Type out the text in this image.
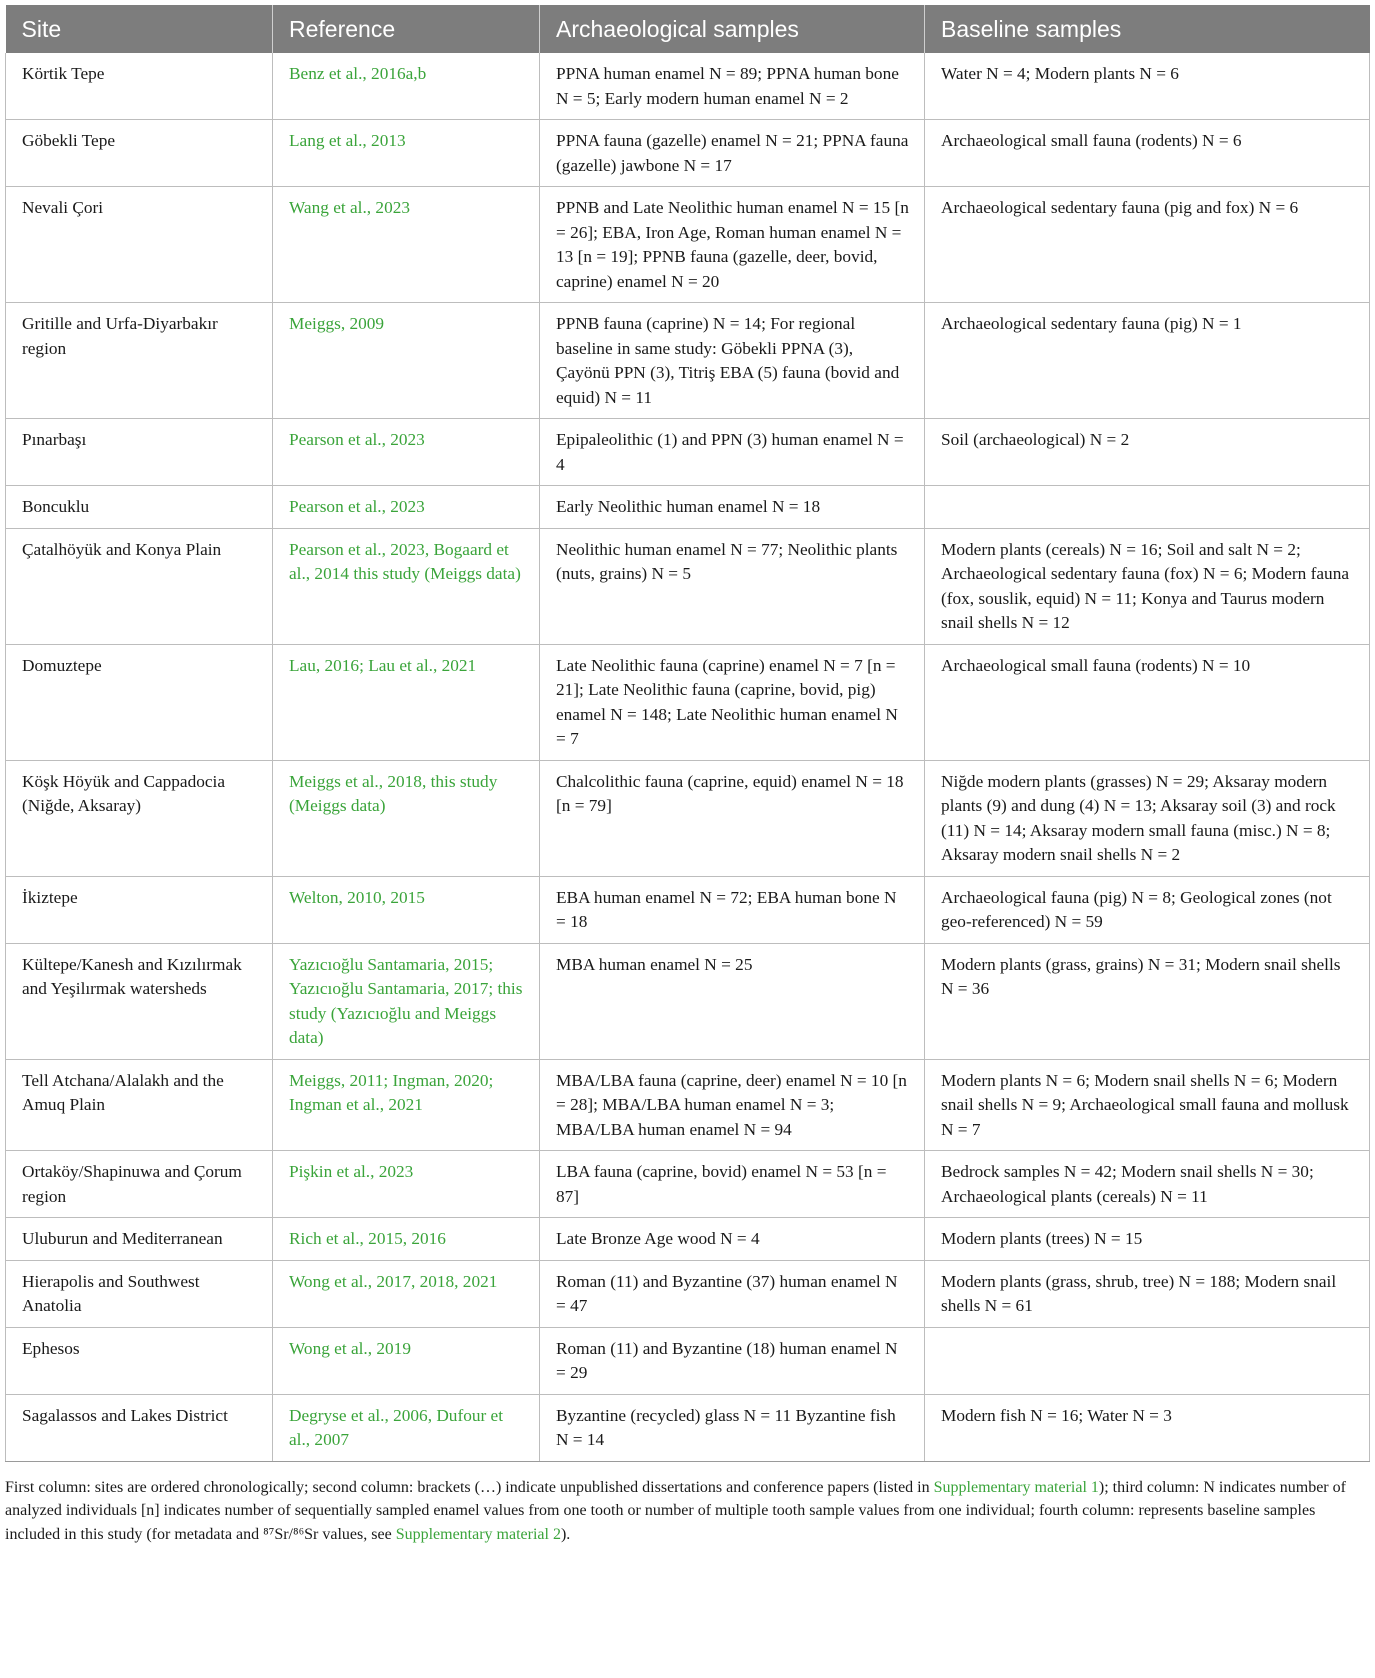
Site	Reference	Archaeological samples	Baseline samples
Körtik Tepe	Benz et al., 2016a,b	PPNA human enamel N = 89; PPNA human bone N = 5; Early modern human enamel N = 2	Water N = 4; Modern plants N = 6
Göbekli Tepe	Lang et al., 2013	PPNA fauna (gazelle) enamel N = 21; PPNA fauna (gazelle) jawbone N = 17	Archaeological small fauna (rodents) N = 6
Nevali Çori	Wang et al., 2023	PPNB and Late Neolithic human enamel N = 15 [n = 26]; EBA, Iron Age, Roman human enamel N = 13 [n = 19]; PPNB fauna (gazelle, deer, bovid, caprine) enamel N = 20	Archaeological sedentary fauna (pig and fox) N = 6
Gritille and Urfa-Diyarbakır region	Meiggs, 2009	PPNB fauna (caprine) N = 14; For regional baseline in same study: Göbekli PPNA (3), Çayönü PPN (3), Titriş EBA (5) fauna (bovid and equid) N = 11	Archaeological sedentary fauna (pig) N = 1
Pınarbaşı	Pearson et al., 2023	Epipaleolithic (1) and PPN (3) human enamel N = 4	Soil (archaeological) N = 2
Boncuklu	Pearson et al., 2023	Early Neolithic human enamel N = 18	
Çatalhöyük and Konya Plain	Pearson et al., 2023, Bogaard et al., 2014 this study (Meiggs data)	Neolithic human enamel N = 77; Neolithic plants (nuts, grains) N = 5	Modern plants (cereals) N = 16; Soil and salt N = 2; Archaeological sedentary fauna (fox) N = 6; Modern fauna (fox, souslik, equid) N = 11; Konya and Taurus modern snail shells N = 12
Domuztepe	Lau, 2016; Lau et al., 2021	Late Neolithic fauna (caprine) enamel N = 7 [n = 21]; Late Neolithic fauna (caprine, bovid, pig) enamel N = 148; Late Neolithic human enamel N = 7	Archaeological small fauna (rodents) N = 10
Köşk Höyük and Cappadocia (Niğde, Aksaray)	Meiggs et al., 2018, this study (Meiggs data)	Chalcolithic fauna (caprine, equid) enamel N = 18 [n = 79]	Niğde modern plants (grasses) N = 29; Aksaray modern plants (9) and dung (4) N = 13; Aksaray soil (3) and rock (11) N = 14; Aksaray modern small fauna (misc.) N = 8; Aksaray modern snail shells N = 2
İkiztepe	Welton, 2010, 2015	EBA human enamel N = 72; EBA human bone N = 18	Archaeological fauna (pig) N = 8; Geological zones (not geo-referenced) N = 59
Kültepe/Kanesh and Kızılırmak and Yeşilırmak watersheds	Yazıcıoğlu Santamaria, 2015; Yazıcıoğlu Santamaria, 2017; this study (Yazıcıoğlu and Meiggs data)	MBA human enamel N = 25	Modern plants (grass, grains) N = 31; Modern snail shells N = 36
Tell Atchana/Alalakh and the Amuq Plain	Meiggs, 2011; Ingman, 2020; Ingman et al., 2021	MBA/LBA fauna (caprine, deer) enamel N = 10 [n = 28]; MBA/LBA human enamel N = 3; MBA/LBA human enamel N = 94	Modern plants N = 6; Modern snail shells N = 6; Modern snail shells N = 9; Archaeological small fauna and mollusk N = 7
Ortaköy/Shapinuwa and Çorum region	Pişkin et al., 2023	LBA fauna (caprine, bovid) enamel N = 53 [n = 87]	Bedrock samples N = 42; Modern snail shells N = 30; Archaeological plants (cereals) N = 11
Uluburun and Mediterranean	Rich et al., 2015, 2016	Late Bronze Age wood N = 4	Modern plants (trees) N = 15
Hierapolis and Southwest Anatolia	Wong et al., 2017, 2018, 2021	Roman (11) and Byzantine (37) human enamel N = 47	Modern plants (grass, shrub, tree) N = 188; Modern snail shells N = 61
Ephesos	Wong et al., 2019	Roman (11) and Byzantine (18) human enamel N = 29	
Sagalassos and Lakes District	Degryse et al., 2006, Dufour et al., 2007	Byzantine (recycled) glass N = 11 Byzantine fish N = 14	Modern fish N = 16; Water N = 3
First column: sites are ordered chronologically; second column: brackets (…) indicate unpublished dissertations and conference papers (listed in Supplementary material 1); third column: N indicates number of analyzed individuals [n] indicates number of sequentially sampled enamel values from one tooth or number of multiple tooth sample values from one individual; fourth column: represents baseline samples included in this study (for metadata and ⁸⁷Sr/⁸⁶Sr values, see Supplementary material 2).
